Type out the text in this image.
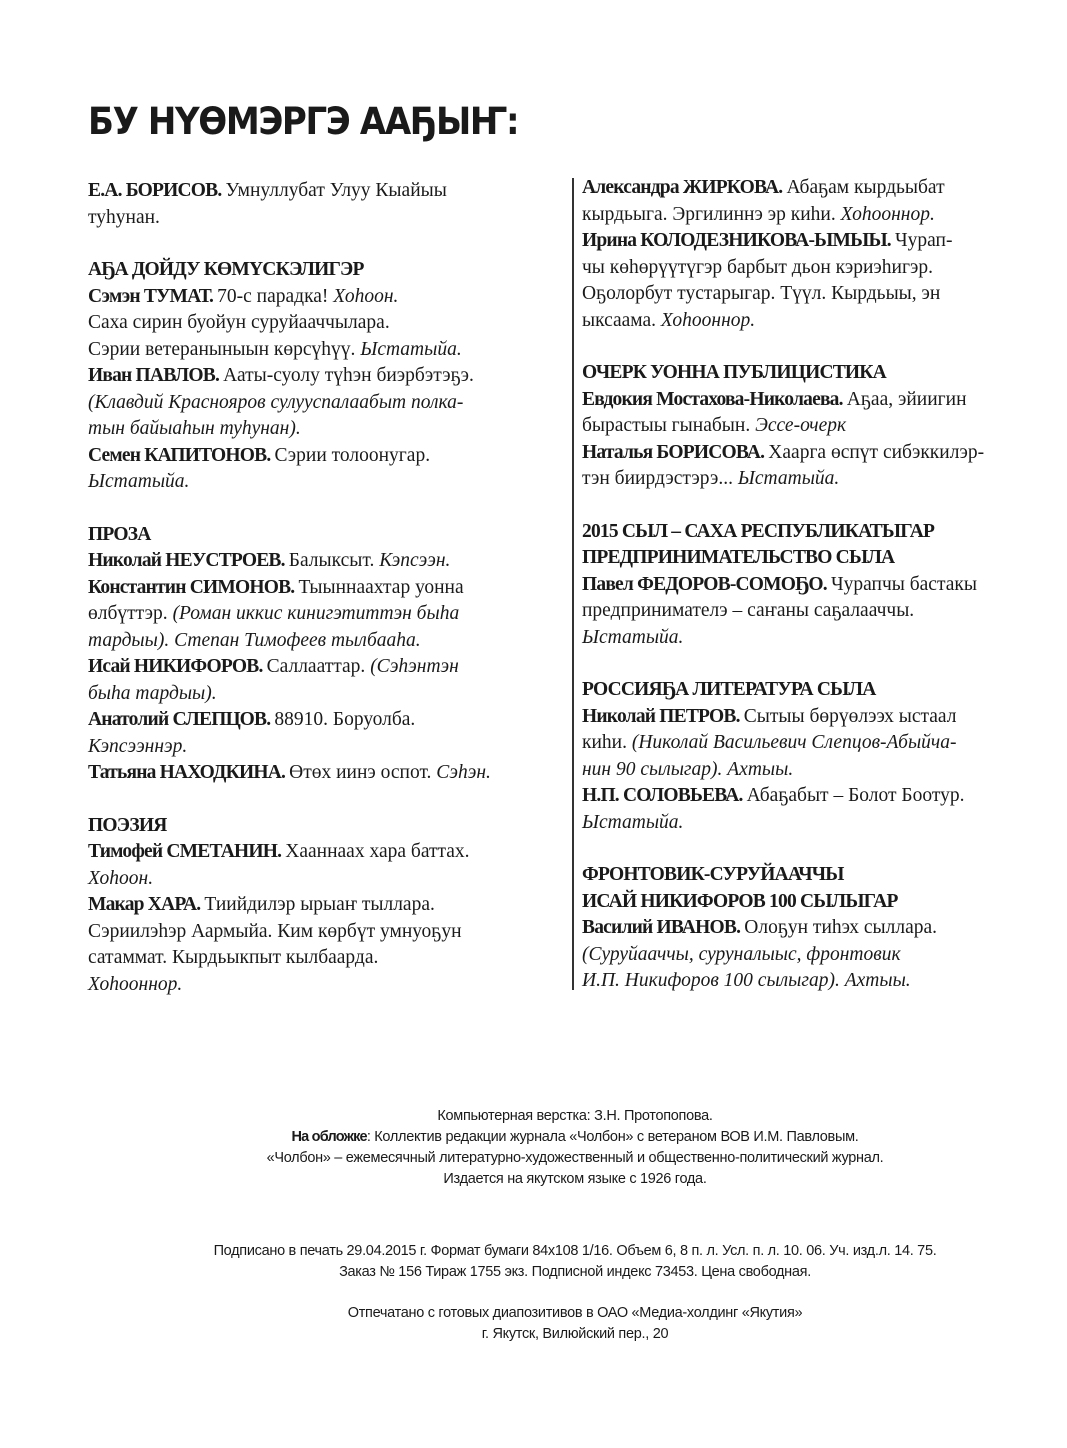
БУ НҮӨМЭРГЭ ААҔЫҤ:
Е.А. БОРИСОВ. Умнуллубат Улуу Кыайыы
туһунан.
АҔА ДОЙДУ КӨМҮСКЭЛИГЭР
Сэмэн ТУМАТ. 70-с парадка! Хоһоон.
Саха сирин буойун суруйааччылара.
Сэрии ветераныныын көрсүһүү. Ыстатыйа.
Иван ПАВЛОВ. Ааты-суолу түһэн биэрбэтэҕэ.
(Клавдий Краснояров сулууспалаабыт полка-
тын байыаһын туһунан).
Семен КАПИТОНОВ. Сэрии толоонугар.
Ыстатыйа.
ПРОЗА
Николай НЕУСТРОЕВ. Балыксыт. Кэпсээн.
Константин СИМОНОВ. Тыыннаахтар уонна
өлбүттэр. (Роман иккис кинигэтиттэн быһа
тардыы). Степан Тимофеев тылбааһа.
Исай НИКИФОРОВ. Саллааттар. (Сэһэнтэн
быһа тардыы).
Анатолий СЛЕПЦОВ. 88910. Боруолба.
Кэпсээннэр.
Татьяна НАХОДКИНА. Өтөх иинэ оспот. Сэһэн.
ПОЭЗИЯ
Тимофей СМЕТАНИН. Хааннаах хара баттах.
Хоһоон.
Макар ХАРА. Тиийдилэр ырыаҥ тыллара.
Сэриилэһэр Аармыйа. Ким көрбүт умнуоҕун
сатаммат. Кырдьыкпыт кылбаарда.
Хоһооннор.
Александра ЖИРКОВА. Абаҕам кырдьыбат
кырдьыга. Эргилиннэ эр киһи. Хоһооннор.
Ирина КОЛОДЕЗНИКОВА-ЫМЫЫ. Чурап-
чы көһөрүүтүгэр барбыт дьон кэриэһигэр.
Оҕолорбут тустарыгар. Түүл. Кырдьыы, эн
ыксаама. Хоһооннор.
ОЧЕРК УОННА ПУБЛИЦИСТИКА
Евдокия Мостахова-Николаева. Аҕаа, эйиигин
бырастыы гынабын. Эссе-очерк
Наталья БОРИСОВА. Хаарга өспүт сибэккилэр-
тэн биирдэстэрэ... Ыстатыйа.
2015 СЫЛ – САХА РЕСПУБЛИКАТЫГАР
ПРЕДПРИНИМАТЕЛЬСТВО СЫЛА
Павел ФЕДОРОВ-СОМОҔО. Чурапчы бастакы
предпринимателэ – саҥаны саҕалааччы.
Ыстатыйа.
РОССИЯҔА ЛИТЕРАТУРА СЫЛА
Николай ПЕТРОВ. Сытыы бөрүөлээх ыстаал
киһи. (Николай Васильевич Слепцов-Абыйча-
нин 90 сылыгар). Ахтыы.
Н.П. СОЛОВЬЕВА. Абаҕабыт – Болот Боотур.
Ыстатыйа.
ФРОНТОВИК-СУРУЙААЧЧЫ
ИСАЙ НИКИФОРОВ 100 СЫЛЫГАР
Василий ИВАНОВ. Олоҕун тиһэх сыллара.
(Суруйааччы, суруналыыс, фронтовик
И.П. Никифоров 100 сылыгар). Ахтыы.
Компьютерная верстка: З.Н. Протопопова.
На обложке: Коллектив редакции журнала «Чолбон» с ветераном ВОВ И.М. Павловым.
«Чолбон» – ежемесячный литературно-художественный и общественно-политический журнал.
Издается на якутском языке с 1926 года.
Подписано в печать 29.04.2015 г. Формат бумаги 84х108 1/16. Объем 6, 8 п. л. Усл. п. л. 10. 06. Уч. изд.л. 14. 75.
Заказ № 156 Тираж 1755 экз. Подписной индекс 73453. Цена свободная.
Отпечатано с готовых диапозитивов в ОАО «Медиа-холдинг «Якутия»
г. Якутск, Вилюйский пер., 20
